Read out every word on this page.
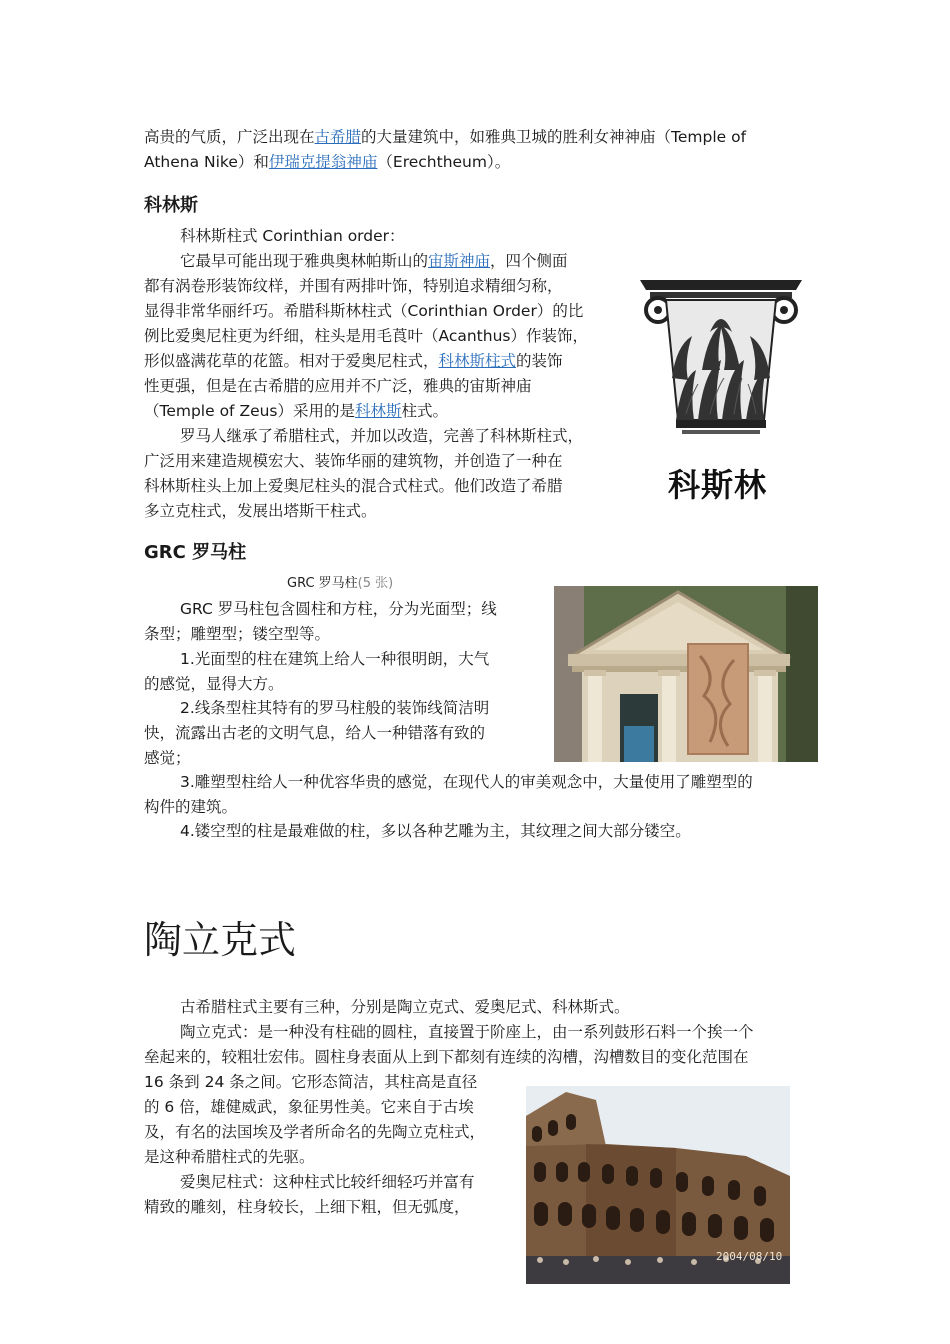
高贵的气质，广泛出现在古希腊的大量建筑中，如雅典卫城的胜利女神神庙（Temple of
Athena Nike）和伊瑞克提翁神庙（Erechtheum）。
科林斯
科林斯柱式 Corinthian order：
它最早可能出现于雅典奥林帕斯山的宙斯神庙，四个侧面
都有涡卷形装饰纹样，并围有两排叶饰，特别追求精细匀称，
显得非常华丽纤巧。希腊科斯林柱式（Corinthian Order）的比
例比爱奥尼柱更为纤细，柱头是用毛莨叶（Acanthus）作装饰，
形似盛满花草的花篮。相对于爱奥尼柱式，科林斯柱式的装饰
性更强，但是在古希腊的应用并不广泛，雅典的宙斯神庙
（Temple of Zeus）采用的是科林斯柱式。
罗马人继承了希腊柱式，并加以改造，完善了科林斯柱式，
广泛用来建造规模宏大、装饰华丽的建筑物，并创造了一种在
科林斯柱头上加上爱奥尼柱头的混合式柱式。他们改造了希腊
多立克柱式，发展出塔斯干柱式。
科斯林
GRC 罗马柱
GRC 罗马柱(5 张)
GRC 罗马柱包含圆柱和方柱，分为光面型；线
条型；雕塑型；镂空型等。
1.光面型的柱在建筑上给人一种很明朗，大气
的感觉，显得大方。
2.线条型柱其特有的罗马柱般的装饰线简洁明
快，流露出古老的文明气息，给人一种错落有致的
感觉；
3.雕塑型柱给人一种优容华贵的感觉，在现代人的审美观念中，大量使用了雕塑型的
构件的建筑。
4.镂空型的柱是最难做的柱，多以各种艺雕为主，其纹理之间大部分镂空。
陶立克式
古希腊柱式主要有三种，分别是陶立克式、爱奥尼式、科林斯式。
陶立克式：是一种没有柱础的圆柱，直接置于阶座上，由一系列鼓形石料一个挨一个
垒起来的，较粗壮宏伟。圆柱身表面从上到下都刻有连续的沟槽，沟槽数目的变化范围在
16 条到 24 条之间。它形态简洁，其柱高是直径
的 6 倍，雄健威武，象征男性美。它来自于古埃
及，有名的法国埃及学者所命名的先陶立克柱式，
是这种希腊柱式的先驱。
爱奥尼柱式：这种柱式比较纤细轻巧并富有
精致的雕刻，柱身较长，上细下粗，但无弧度，
2004/08/10
